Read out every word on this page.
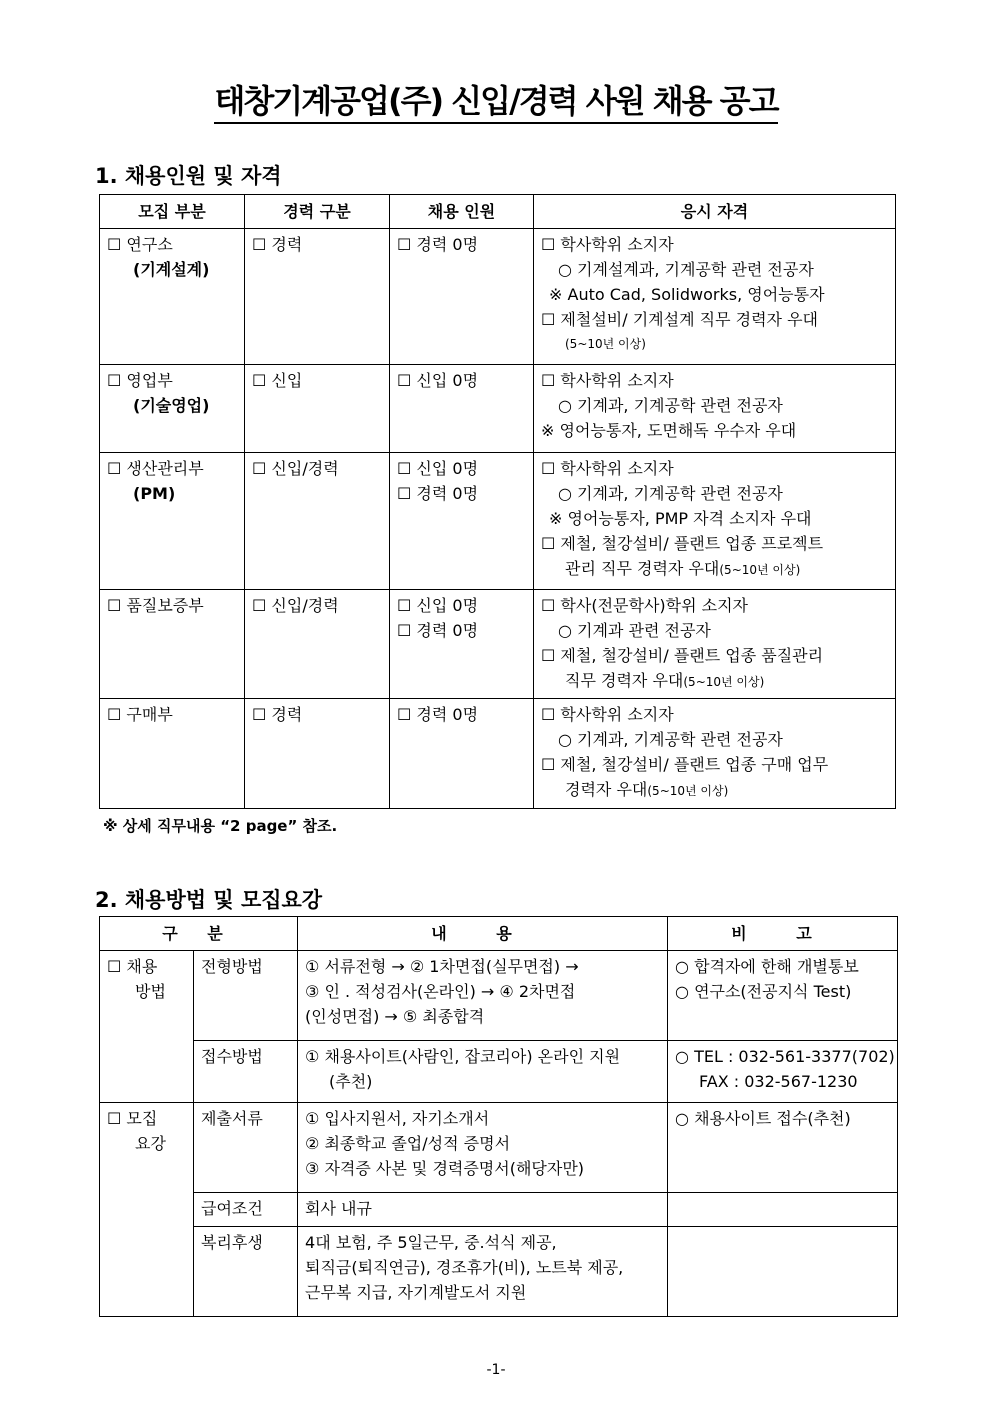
태창기계공업(주) 신입/경력 사원 채용 공고
1. 채용인원 및 자격
모집 부분	경력 구분	채용 인원	응시 자격

☐ 연구소
(기계설계)	☐ 경력	☐ 경력 0명	☐ 학사학위 소지자
○ 기계설계과, 기계공학 관련 전공자
※ Auto Cad, Solidworks, 영어능통자
☐ 제철설비/ 기계설계 직무 경력자 우대
(5~10년 이상)

☐ 영업부
(기술영업)	☐ 신입	☐ 신입 0명	☐ 학사학위 소지자
○ 기계과, 기계공학 관련 전공자
※ 영어능통자, 도면해독 우수자 우대

☐ 생산관리부
(PM)	☐ 신입/경력	☐ 신입 0명
☐ 경력 0명	☐ 학사학위 소지자
○ 기계과, 기계공학 관련 전공자
※ 영어능통자, PMP 자격 소지자 우대
☐ 제철, 철강설비/ 플랜트 업종 프로젝트
관리 직무 경력자 우대(5~10년 이상)

☐ 품질보증부	☐ 신입/경력	☐ 신입 0명
☐ 경력 0명	☐ 학사(전문학사)학위 소지자
○ 기계과 관련 전공자
☐ 제철, 철강설비/ 플랜트 업종 품질관리
직무 경력자 우대(5~10년 이상)

☐ 구매부	☐ 경력	☐ 경력 0명	☐ 학사학위 소지자
○ 기계과, 기계공학 관련 전공자
☐ 제철, 철강설비/ 플랜트 업종 구매 업무
경력자 우대(5~10년 이상)
※ 상세 직무내용 “2 page” 참조.
2. 채용방법 및 모집요강
구 분		내 용	비 고

☐ 채용
방법	전형방법	① 서류전형 → ② 1차면접(실무면접) →
③ 인 . 적성검사(온라인) → ④ 2차면접
(인성면접) → ⑤ 최종합격	○ 합격자에 한해 개별통보
○ 연구소(전공지식 Test)

	접수방법	① 채용사이트(사람인, 잡코리아) 온라인 지원
(추천)	○ TEL : 032-561-3377(702)
FAX : 032-567-1230

☐ 모집
요강	제출서류	① 입사지원서, 자기소개서
② 최종학교 졸업/성적 증명서
③ 자격증 사본 및 경력증명서(해당자만)	○ 채용사이트 접수(추천)

	급여조건	회사 내규	
	복리후생	4대 보험, 주 5일근무, 중.석식 제공,
퇴직금(퇴직연금), 경조휴가(비), 노트북 제공,
근무복 지급, 자기계발도서 지원	

-1-
